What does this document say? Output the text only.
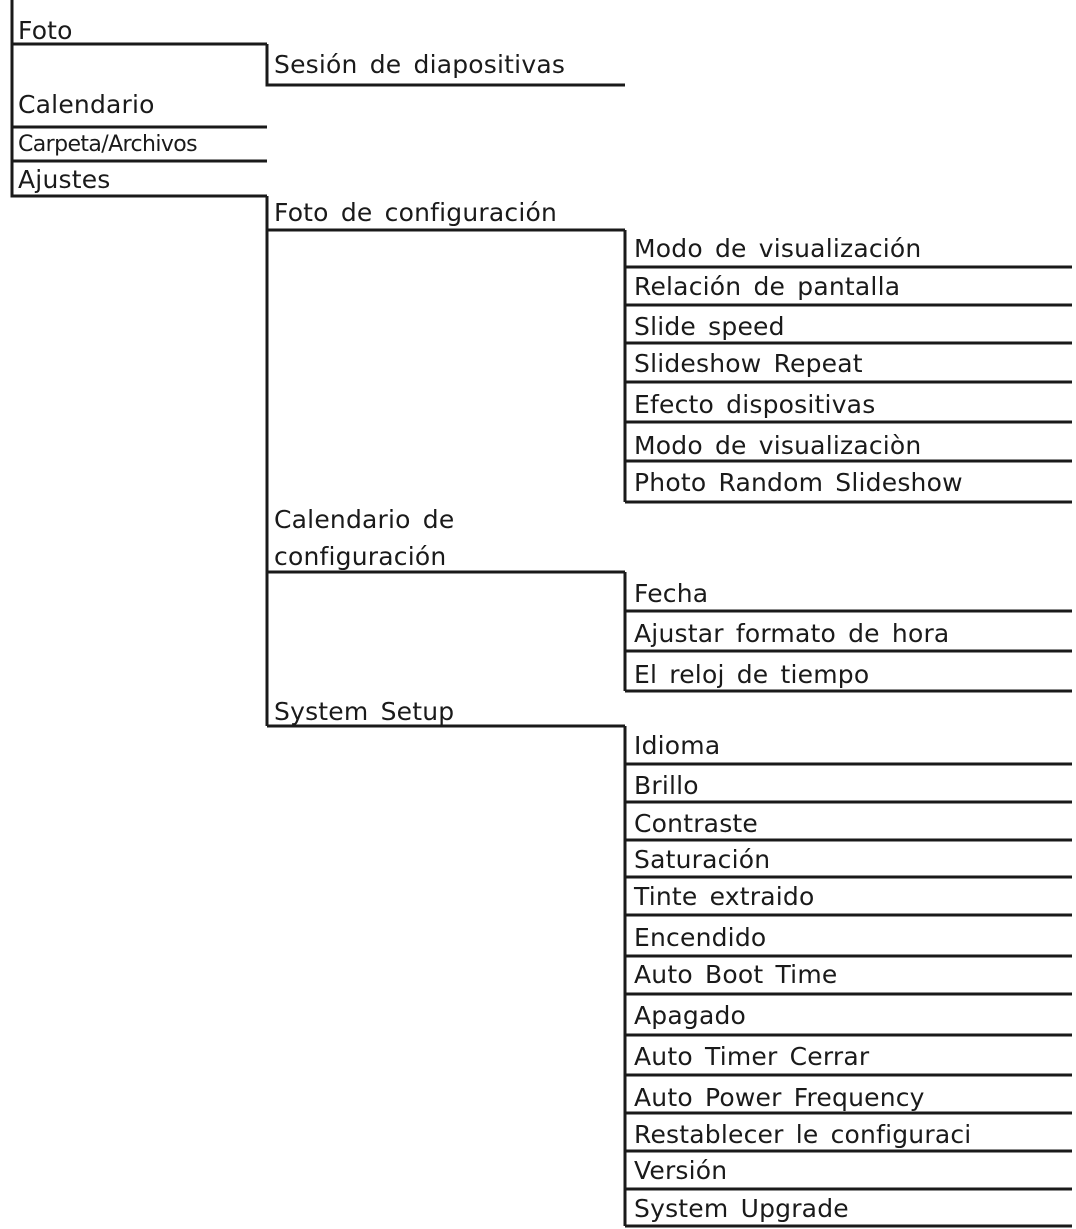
Foto
Calendario
Carpeta/Archivos
Ajustes
Sesión de diapositivas
Foto de configuración
Calendario de
configuración
System Setup
Modo de visualización
Relación de pantalla
Slide speed
Slideshow Repeat
Efecto dispositivas
Modo de visualizaciòn
Photo Random Slideshow
Fecha
Ajustar formato de hora
El reloj de tiempo
Idioma
Brillo
Contraste
Saturación
Tinte extraido
Encendido
Auto Boot Time
Apagado
Auto Timer Cerrar
Auto Power Frequency
Restablecer le configuraci
Versión
System Upgrade
